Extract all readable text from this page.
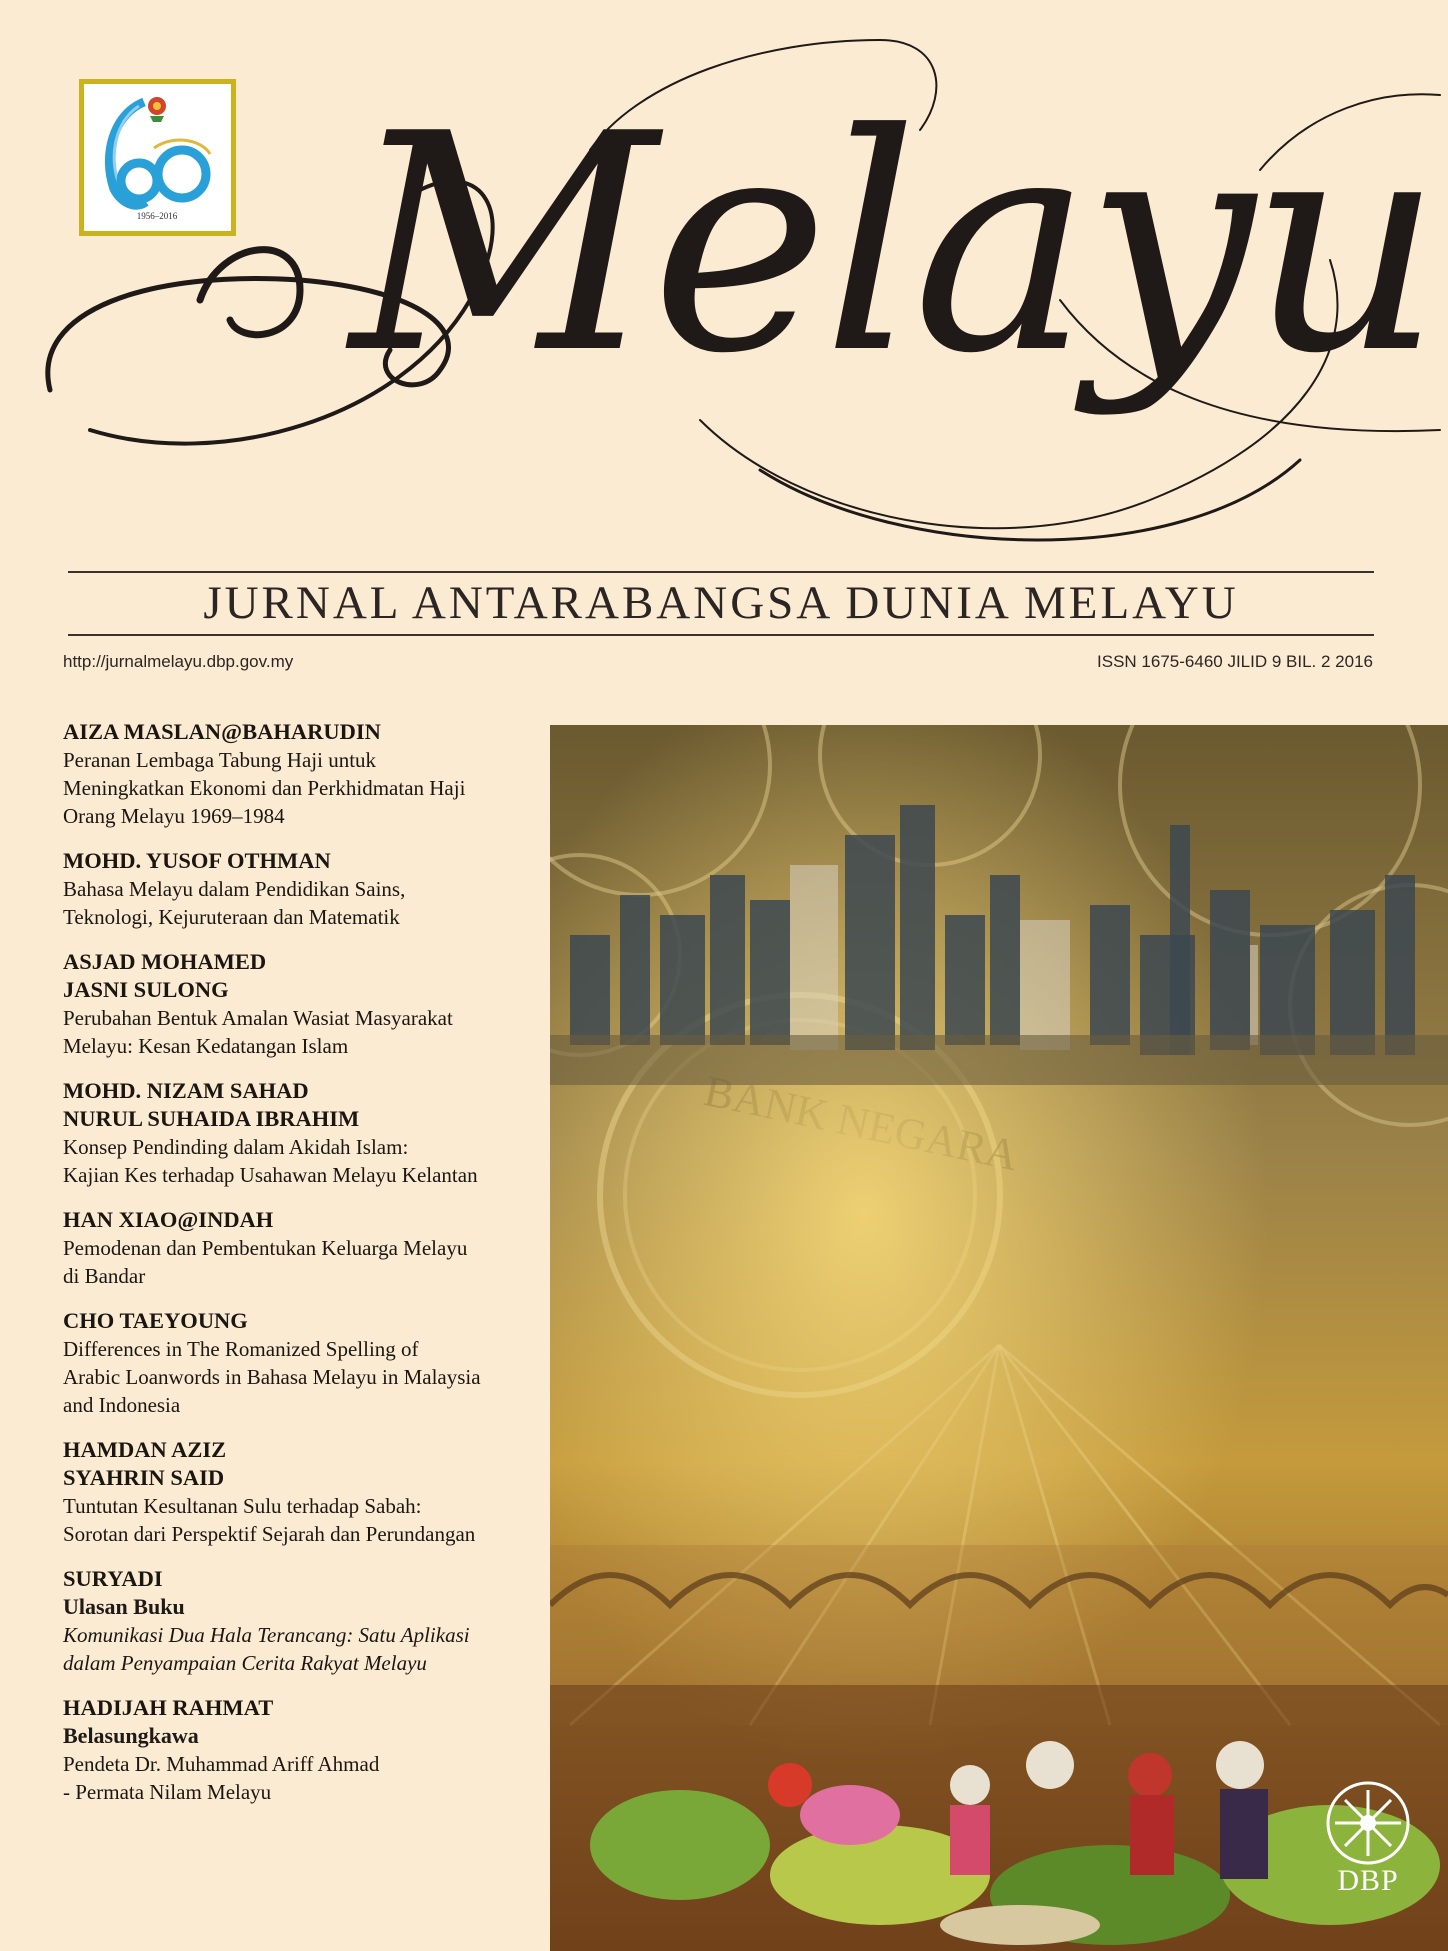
1956–2016 Melayu
JURNAL ANTARABANGSA DUNIA MELAYU
http://jurnalmelayu.dbp.gov.my	ISSN 1675-6460 JILID 9 BIL. 2 2016
AIZA MASLAN@BAHARUDIN
Peranan Lembaga Tabung Haji untuk
Meningkatkan Ekonomi dan Perkhidmatan Haji
Orang Melayu 1969–1984
MOHD. YUSOF OTHMAN
Bahasa Melayu dalam Pendidikan Sains,
Teknologi, Kejuruteraan dan Matematik
ASJAD MOHAMED
JASNI SULONG
Perubahan Bentuk Amalan Wasiat Masyarakat
Melayu: Kesan Kedatangan Islam
MOHD. NIZAM SAHAD
NURUL SUHAIDA IBRAHIM
Konsep Pendinding dalam Akidah Islam:
Kajian Kes terhadap Usahawan Melayu Kelantan
HAN XIAO@INDAH
Pemodenan dan Pembentukan Keluarga Melayu
di Bandar
CHO TAEYOUNG
Differences in The Romanized Spelling of
Arabic Loanwords in Bahasa Melayu in Malaysia
and Indonesia
HAMDAN AZIZ
SYAHRIN SAID
Tuntutan Kesultanan Sulu terhadap Sabah:
Sorotan dari Perspektif Sejarah dan Perundangan
SURYADI
Ulasan Buku
Komunikasi Dua Hala Terancang: Satu Aplikasi
dalam Penyampaian Cerita Rakyat Melayu
HADIJAH RAHMAT
Belasungkawa
Pendeta Dr. Muhammad Ariff Ahmad
- Permata Nilam Melayu
DBP
